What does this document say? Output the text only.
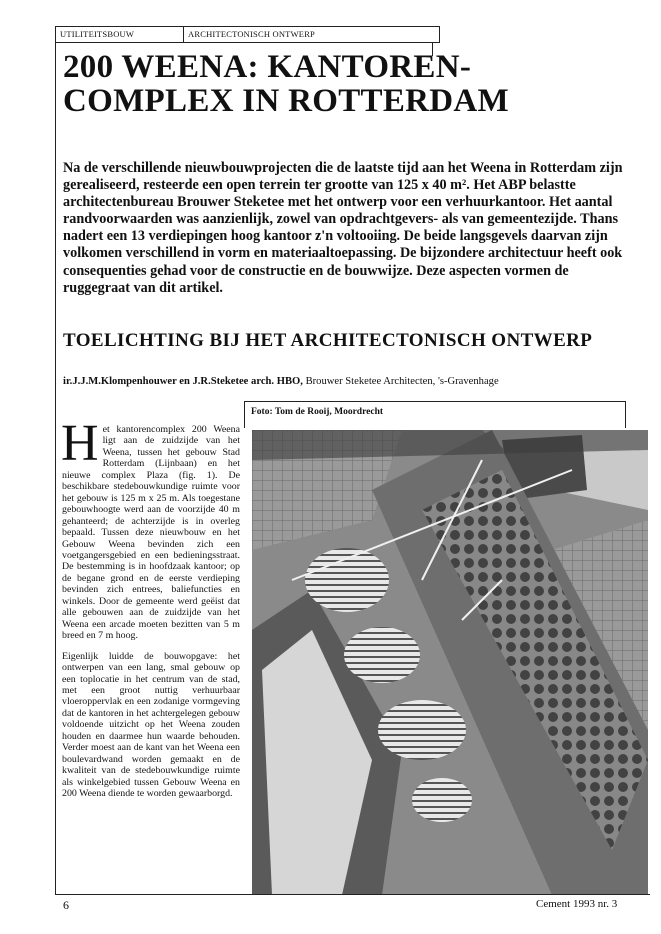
UTILITEITSBOUW	ARCHITECTONISCH ONTWERP
200 WEENA: KANTOREN-COMPLEX IN ROTTERDAM

Na de verschillende nieuwbouwprojecten die de laatste tijd aan het Weena in Rotterdam zijn gerealiseerd, resteerde een open terrein ter grootte van 125 x 40 m². Het ABP belastte architectenbureau Brouwer Steketee met het ontwerp voor een verhuurkantoor. Het aantal randvoorwaarden was aanzienlijk, zowel van opdrachtgevers- als van gemeentezijde. Thans nadert een 13 verdiepingen hoog kantoor z'n voltooiing. De beide langsgevels daarvan zijn volkomen verschillend in vorm en materiaaltoepassing. De bijzondere architectuur heeft ook consequenties gehad voor de constructie en de bouwwijze. Deze aspecten vormen de ruggegraat van dit artikel.

TOELICHTING BIJ HET ARCHITECTONISCH ONTWERP

ir.J.J.M.Klompenhouwer en J.R.Steketee arch. HBO, Brouwer Steketee Architecten, 's-Gravenhage

Foto: Tom de Rooij, Moordrecht

Het kantorencomplex 200 Weena ligt aan de zuidzijde van het Weena, tussen het gebouw Stad Rotterdam (Lijnbaan) en het nieuwe complex Plaza (fig. 1). De beschikbare stedebouwkundige ruimte voor het gebouw is 125 m x 25 m. Als toegestane gebouwhoogte werd aan de voorzijde 40 m gehanteerd; de achterzijde is in overleg bepaald. Tussen deze nieuwbouw en het Gebouw Weena bevinden zich een voetgangersgebied en een bedieningsstraat. De bestemming is in hoofdzaak kantoor; op de begane grond en de eerste verdieping bevinden zich entrees, baliefuncties en winkels. Door de gemeente werd geëist dat alle gebouwen aan de zuidzijde van het Weena een arcade moeten bezitten van 5 m breed en 7 m hoog.

Eigenlijk luidde de bouwopgave: het ontwerpen van een lang, smal gebouw op een toplocatie in het centrum van de stad, met een groot nuttig verhuurbaar vloeroppervlak en een zodanige vormgeving dat de kantoren in het achtergelegen gebouw voldoende uitzicht op het Weena zouden houden en daarmee hun waarde behouden. Verder moest aan de kant van het Weena een boulevardwand worden gemaakt en de kwaliteit van de stedebouwkundige ruimte als winkelgebied tussen Gebouw Weena en 200 Weena diende te worden gewaarborgd.

6	Cement 1993 nr. 3
